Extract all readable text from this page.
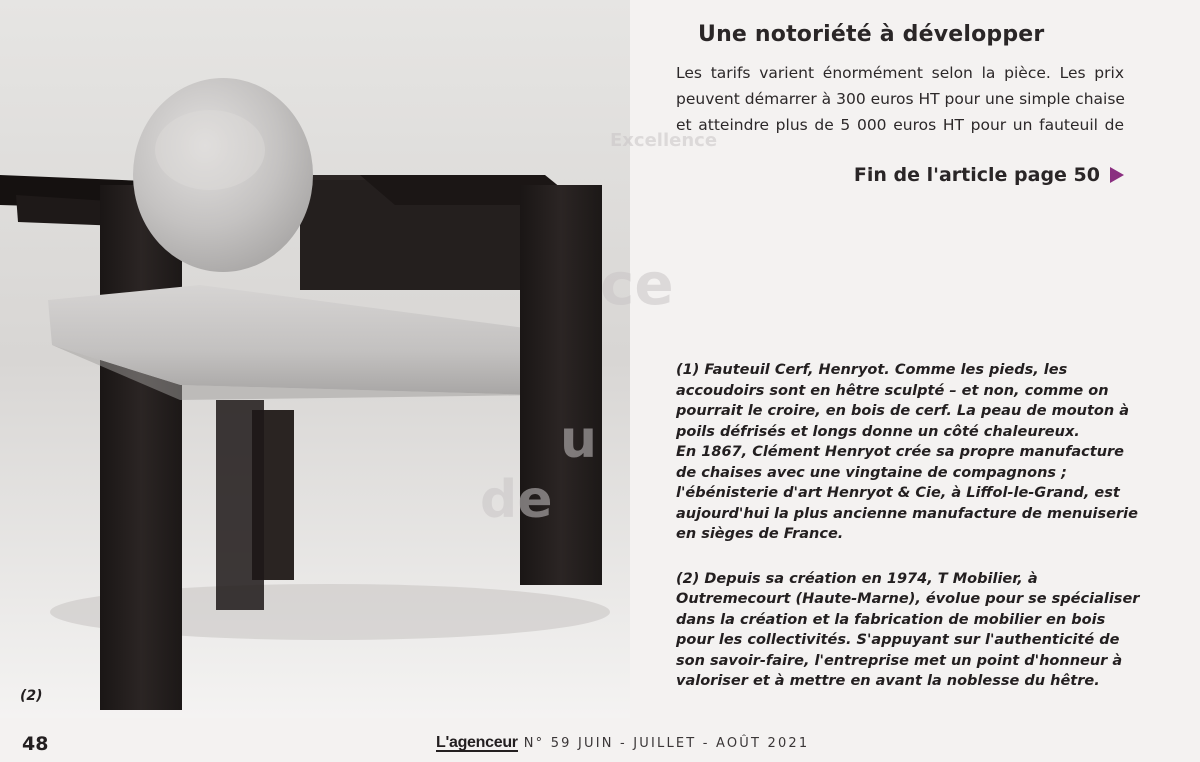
(2)
Excellence
ce
u
de
Une notoriété à développer
Les tarifs varient énormément selon la pièce. Les prix
peuvent démarrer à 300 euros HT pour une simple chaise
et atteindre plus de 5 000 euros HT pour un fauteuil de
Fin de l'article page 50
(1) Fauteuil Cerf, Henryot. Comme les pieds, les
accoudoirs sont en hêtre sculpté – et non, comme on
pourrait le croire, en bois de cerf. La peau de mouton à
poils défrisés et longs donne un côté chaleureux.
En 1867, Clément Henryot crée sa propre manufacture
de chaises avec une vingtaine de compagnons ;
l'ébénisterie d'art Henryot & Cie, à Liffol-le-Grand, est
aujourd'hui la plus ancienne manufacture de menuiserie
en sièges de France.
(2) Depuis sa création en 1974, T Mobilier, à
Outremecourt (Haute-Marne), évolue pour se spécialiser
dans la création et la fabrication de mobilier en bois
pour les collectivités. S'appuyant sur l'authenticité de
son savoir-faire, l'entreprise met un point d'honneur à
valoriser et à mettre en avant la noblesse du hêtre.
48	L'agenceur N° 59 JUIN - JUILLET - AOÛT 2021
